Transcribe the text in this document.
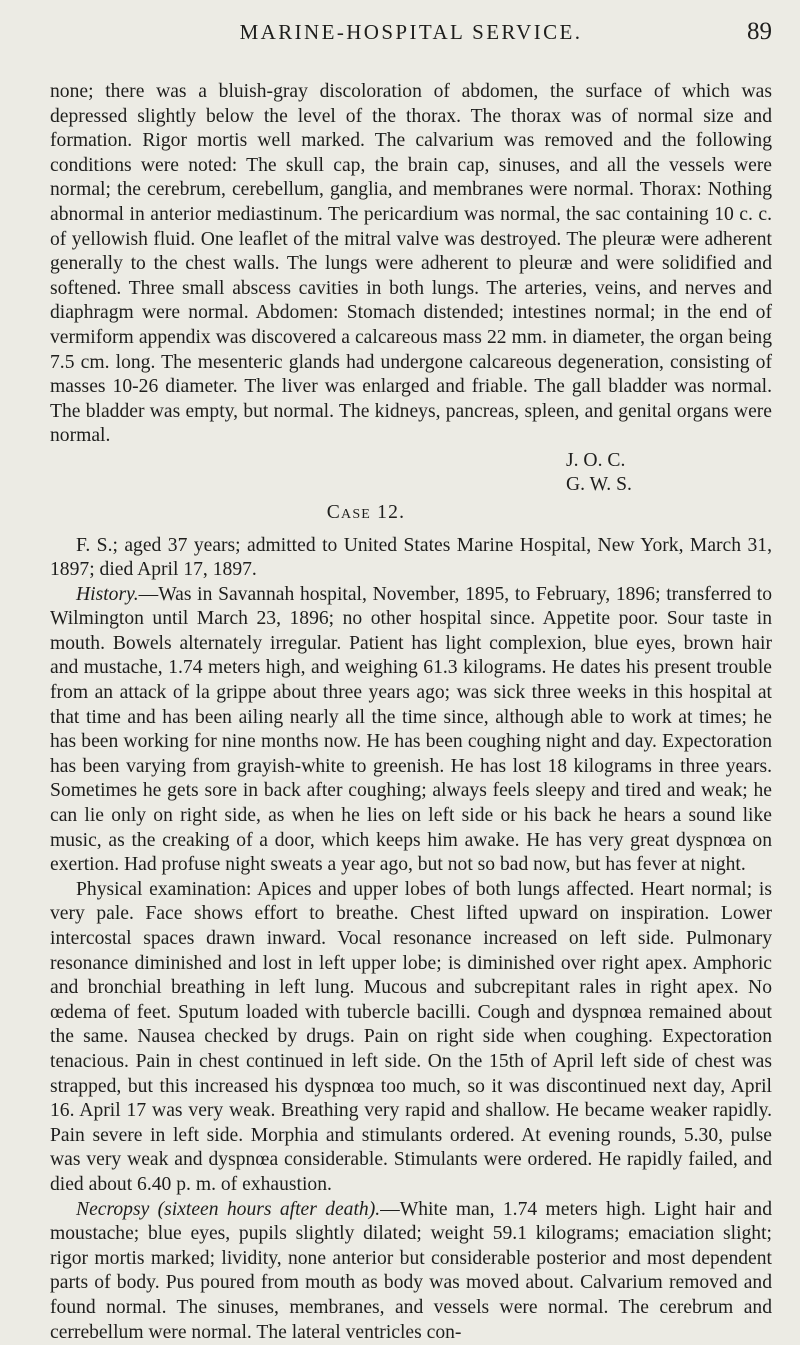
MARINE-HOSPITAL SERVICE.	89

none; there was a bluish-gray discoloration of abdomen, the surface of which was depressed slightly below the level of the thorax. The thorax was of normal size and formation. Rigor mortis well marked. The calvarium was removed and the following conditions were noted: The skull cap, the brain cap, sinuses, and all the vessels were normal; the cerebrum, cerebellum, ganglia, and membranes were normal. Thorax: Nothing abnormal in anterior mediastinum. The pericardium was normal, the sac containing 10 c. c. of yellowish fluid. One leaflet of the mitral valve was destroyed. The pleuræ were adherent generally to the chest walls. The lungs were adherent to pleuræ and were solidified and softened. Three small abscess cavities in both lungs. The arteries, veins, and nerves and diaphragm were normal. Abdomen: Stomach distended; intestines normal; in the end of vermiform appendix was discovered a calcareous mass 22 mm. in diameter, the organ being 7.5 cm. long. The mesenteric glands had undergone calcareous degeneration, consisting of masses 10-26 diameter. The liver was enlarged and friable. The gall bladder was normal. The bladder was empty, but normal. The kidneys, pancreas, spleen, and genital organs were normal.

J. O. C.
G. W. S.
Case 12.

F. S.; aged 37 years; admitted to United States Marine Hospital, New York, March 31, 1897; died April 17, 1897.

History.—Was in Savannah hospital, November, 1895, to February, 1896; transferred to Wilmington until March 23, 1896; no other hospital since. Appetite poor. Sour taste in mouth. Bowels alternately irregular. Patient has light complexion, blue eyes, brown hair and mustache, 1.74 meters high, and weighing 61.3 kilograms. He dates his present trouble from an attack of la grippe about three years ago; was sick three weeks in this hospital at that time and has been ailing nearly all the time since, although able to work at times; he has been working for nine months now. He has been coughing night and day. Expectoration has been varying from grayish-white to greenish. He has lost 18 kilograms in three years. Sometimes he gets sore in back after coughing; always feels sleepy and tired and weak; he can lie only on right side, as when he lies on left side or his back he hears a sound like music, as the creaking of a door, which keeps him awake. He has very great dyspnœa on exertion. Had profuse night sweats a year ago, but not so bad now, but has fever at night.

Physical examination: Apices and upper lobes of both lungs affected. Heart normal; is very pale. Face shows effort to breathe. Chest lifted upward on inspiration. Lower intercostal spaces drawn inward. Vocal resonance increased on left side. Pulmonary resonance diminished and lost in left upper lobe; is diminished over right apex. Amphoric and bronchial breathing in left lung. Mucous and subcrepitant rales in right apex. No œdema of feet. Sputum loaded with tubercle bacilli. Cough and dyspnœa remained about the same. Nausea checked by drugs. Pain on right side when coughing. Expectoration tenacious. Pain in chest continued in left side. On the 15th of April left side of chest was strapped, but this increased his dyspnœa too much, so it was discontinued next day, April 16. April 17 was very weak. Breathing very rapid and shallow. He became weaker rapidly. Pain severe in left side. Morphia and stimulants ordered. At evening rounds, 5.30, pulse was very weak and dyspnœa considerable. Stimulants were ordered. He rapidly failed, and died about 6.40 p. m. of exhaustion.

Necropsy (sixteen hours after death).—White man, 1.74 meters high. Light hair and moustache; blue eyes, pupils slightly dilated; weight 59.1 kilograms; emaciation slight; rigor mortis marked; lividity, none anterior but considerable posterior and most dependent parts of body. Pus poured from mouth as body was moved about. Calvarium removed and found normal. The sinuses, membranes, and vessels were normal. The cerebrum and cerrebellum were normal. The lateral ventricles con-
